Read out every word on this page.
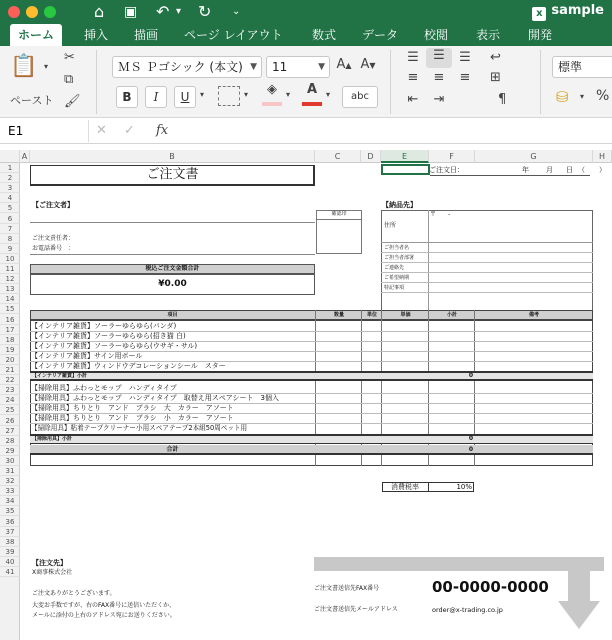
⌂ ▣ ↶ ▾ ↻ ⌄	x sample
ホーム	挿入	描画	ページ レイアウト	数式	データ	校閲	表示	開発
📋 ▾
ペースト
✂
⧉
🖌
ＭＳ Ｐゴシック (本文) ▼	11	▼ A▲ A▼
B	I	U	▾	▾	◈	▾	A	▾	abc
☰	☰	☰
≡	≡	≡
⇤	⇥
↩
⊞
¶
標準
⛁ ▾ %
E1	✕ ✓ fx
A	B	C	D	E	F	G	H
1
2
3
4
5
6
7
8
9
10
11
12
13
14
15
16
17
18
19
20
21
22
23
24
25
26
27
28
29
30
31
32
33
34
35
36
37
38
39
40
41
ご注文書	ご注文日：	年 月 日 （　　）
【ご注文者】
ご注文責任者：
お電話番号　：
確認印
【納品先】
〒　　-
住所
ご担当者名
ご担当者部署
ご連絡先
ご希望納期
特記事項
税込ご注文金額合計
¥0.00
項目	数量	単位	単価	小計	備考
【インテリア雑貨】ソーラーゆらゆら(パンダ)
【インテリア雑貨】ソーラーゆらゆら(招き猫 白)
【インテリア雑貨】ソーラーゆらゆら(ウサギ・サル)
【インテリア雑貨】サイン用ボール
【インテリア雑貨】ウィンドウデコレーションシール　スター
【インテリア雑貨】小計	0
【掃除用具】ふわっとモップ　ハンディタイプ
【掃除用具】ふわっとモップ　ハンディタイプ　取替え用スペアシート　3個入
【掃除用具】ちりとり　アンド　ブラシ　大　カラー　アソート
【掃除用具】ちりとり　アンド　ブラシ　小　カラー　アソート
【掃除用具】粘着テープクリーナー小用スペアテープ2本組50周ペット用
【掃除用具】小計	0
合計	0
消費税率	10%
【注文先】
X商事株式会社
ご注文ありがとうございます。
大変お手数ですが、右のFAX番号に送信いただくか、
メールに添付の上右のアドレス宛にお送りください。
ご注文書送信先FAX番号	00-0000-0000
ご注文書送信先メールアドレス	order@x-trading.co.jp
